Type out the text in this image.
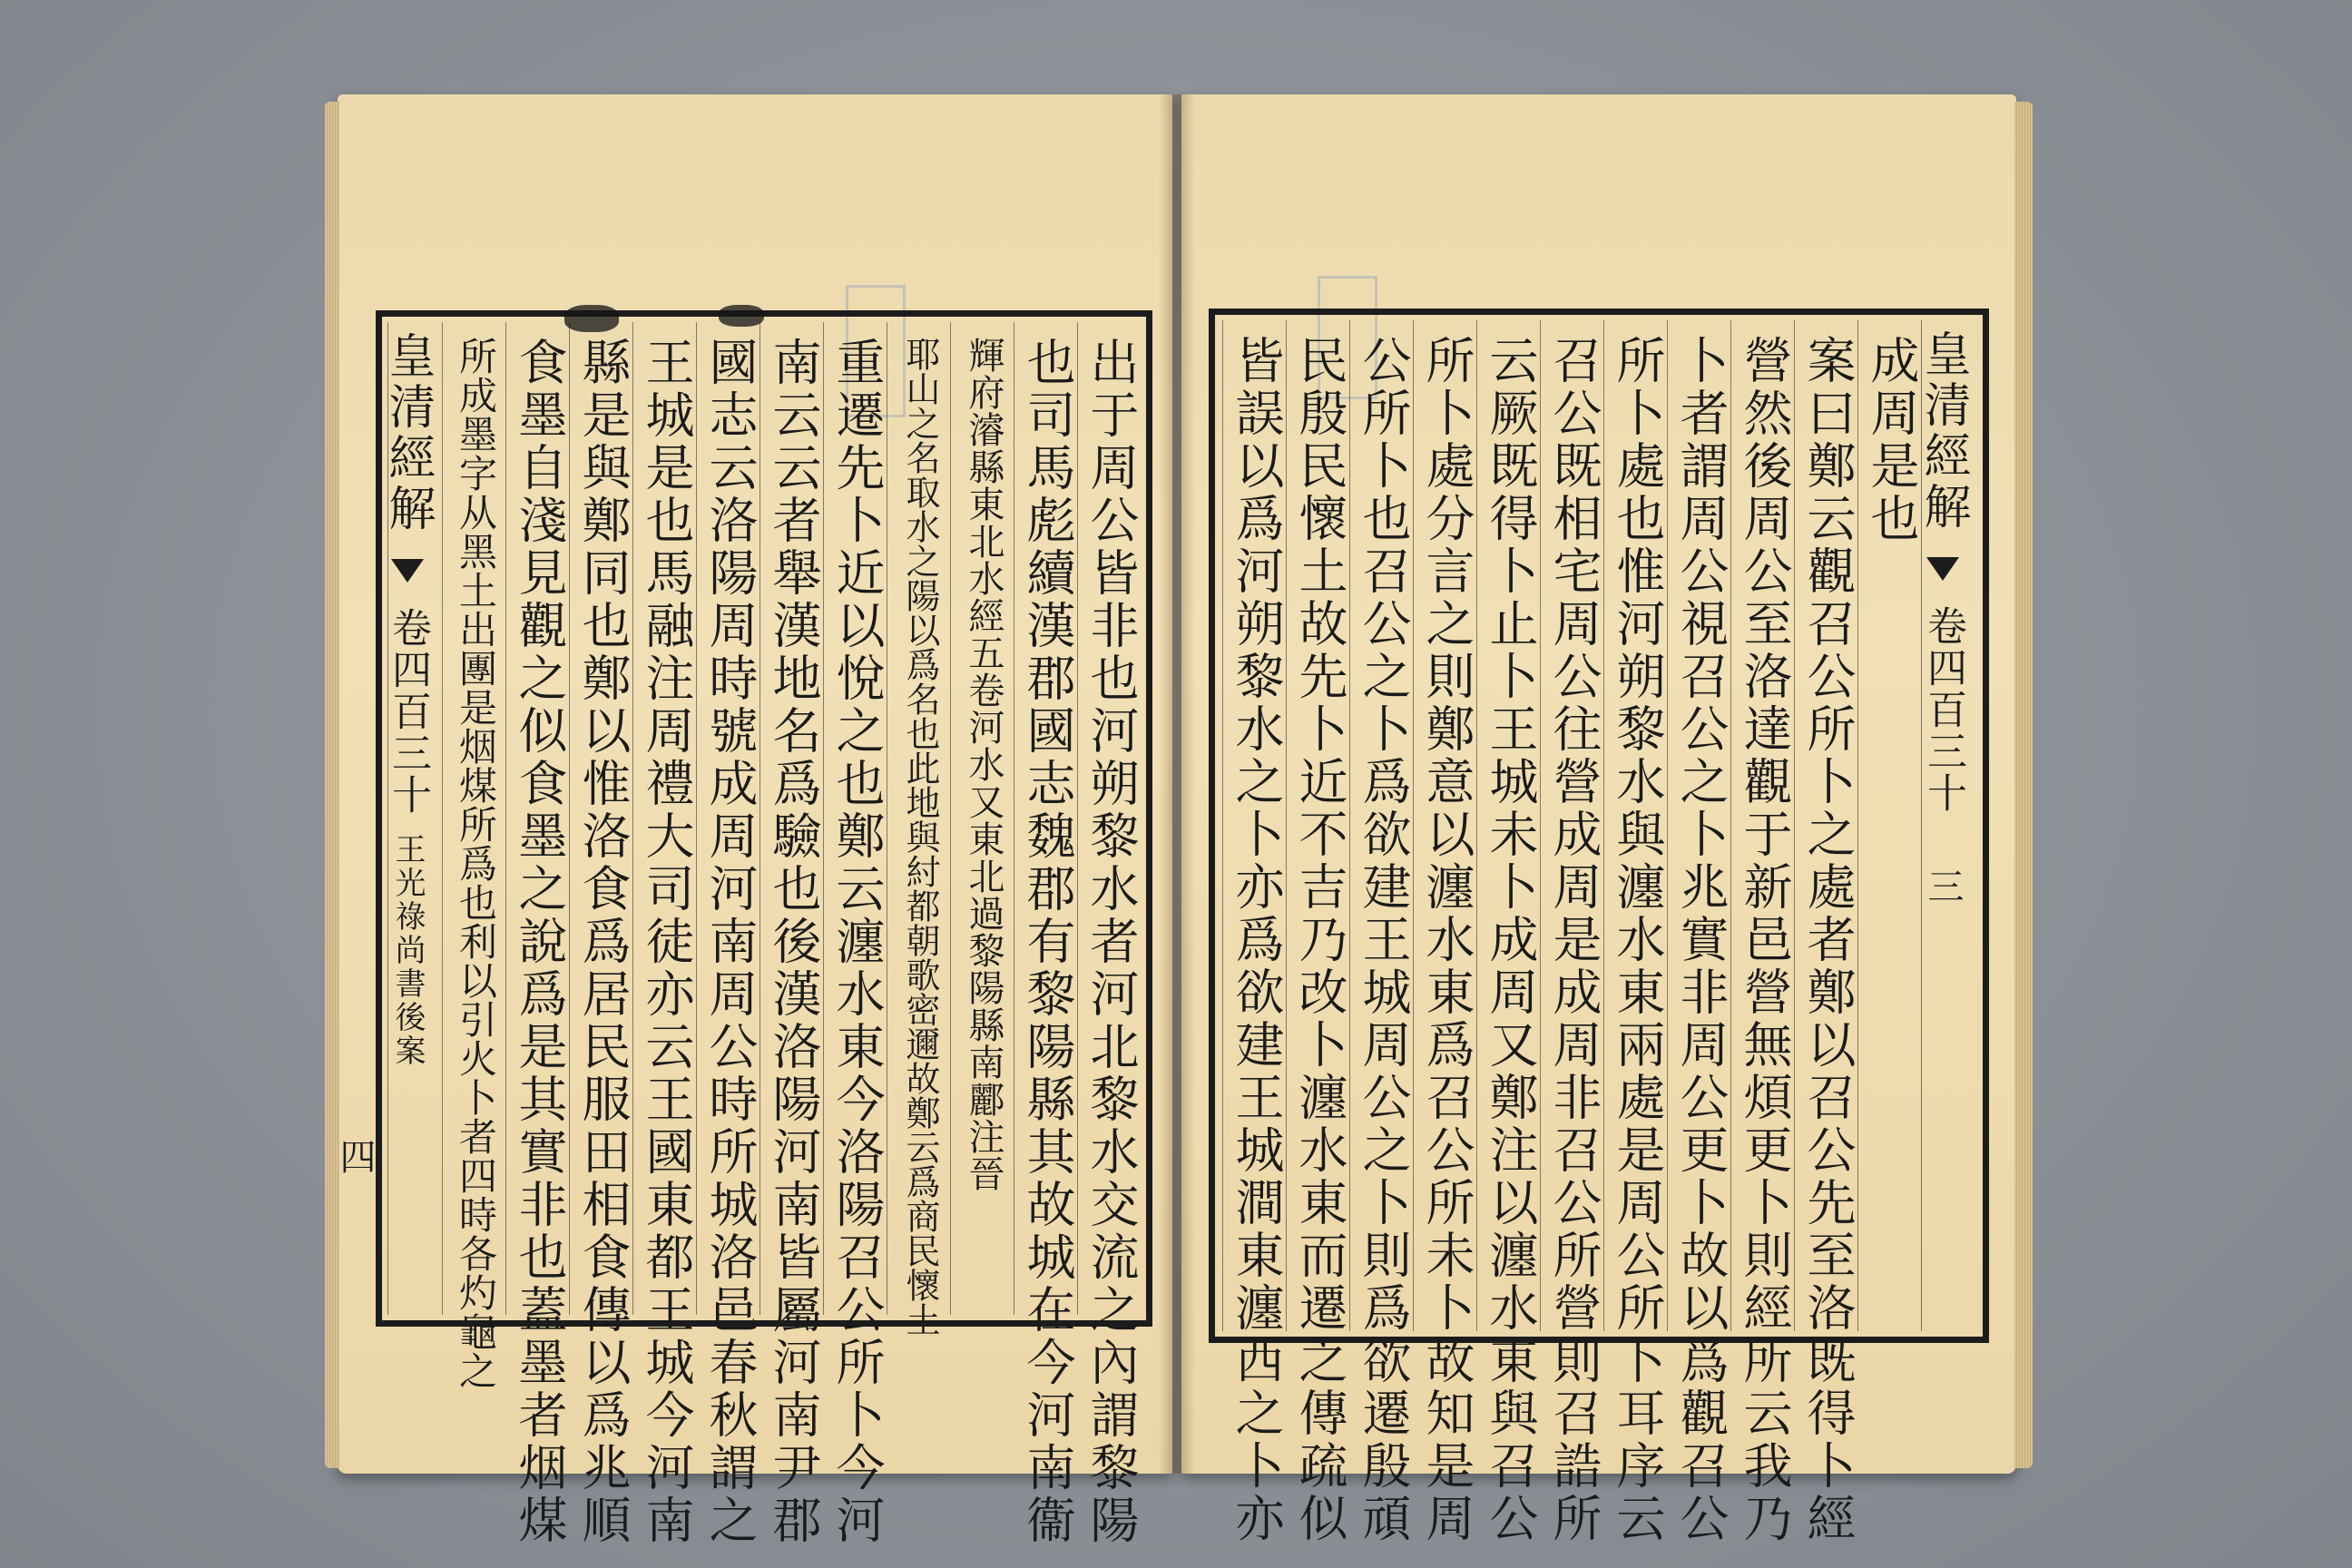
出于周公皆非也河朔黎水者河北黎水交流之內謂黎陽
也司馬彪續漢郡國志魏郡有黎陽縣其故城在今河南衞
輝府濬縣東北水經五卷河水又東北過黎陽縣南酈注晉
耶山之名取水之陽以爲名也此地與紂都朝歌密邇故鄭云爲商民懷土
重遷先卜近以悅之也鄭云瀍水東今洛陽召公所卜今河
南云云者舉漢地名爲驗也後漢洛陽河南皆屬河南尹郡
國志云洛陽周時號成周河南周公時所城洛邑春秋謂之
王城是也馬融注周禮大司徒亦云王國東都王城今河南
縣是與鄭同也鄭以惟洛食爲居民服田相食傳以爲兆順
食墨自淺見觀之似食墨之說爲是其實非也蓋墨者烟煤
所成墨字从黑土出團是烟煤所爲也利以引火卜者四時各灼龜之
皇清經解  卷四百三十 王光祿尚書後案
四
皇清經解  卷四百三十 三
成周是也
案曰鄭云觀召公所卜之處者鄭以召公先至洛既得卜經
營然後周公至洛達觀于新邑營無煩更卜則經所云我乃
卜者謂周公視召公之卜兆實非周公更卜故以爲觀召公
所卜處也惟河朔黎水與瀍水東兩處是周公所卜耳序云
召公既相宅周公往營成周是成周非召公所營則召誥所
云厥既得卜止卜王城未卜成周又鄭注以瀍水東與召公
所卜處分言之則鄭意以瀍水東爲召公所未卜故知是周
公所卜也召公之卜爲欲建王城周公之卜則爲欲遷殷頑
民殷民懷土故先卜近不吉乃改卜瀍水東而遷之傳疏似
皆誤以爲河朔黎水之卜亦爲欲建王城澗東瀍西之卜亦
